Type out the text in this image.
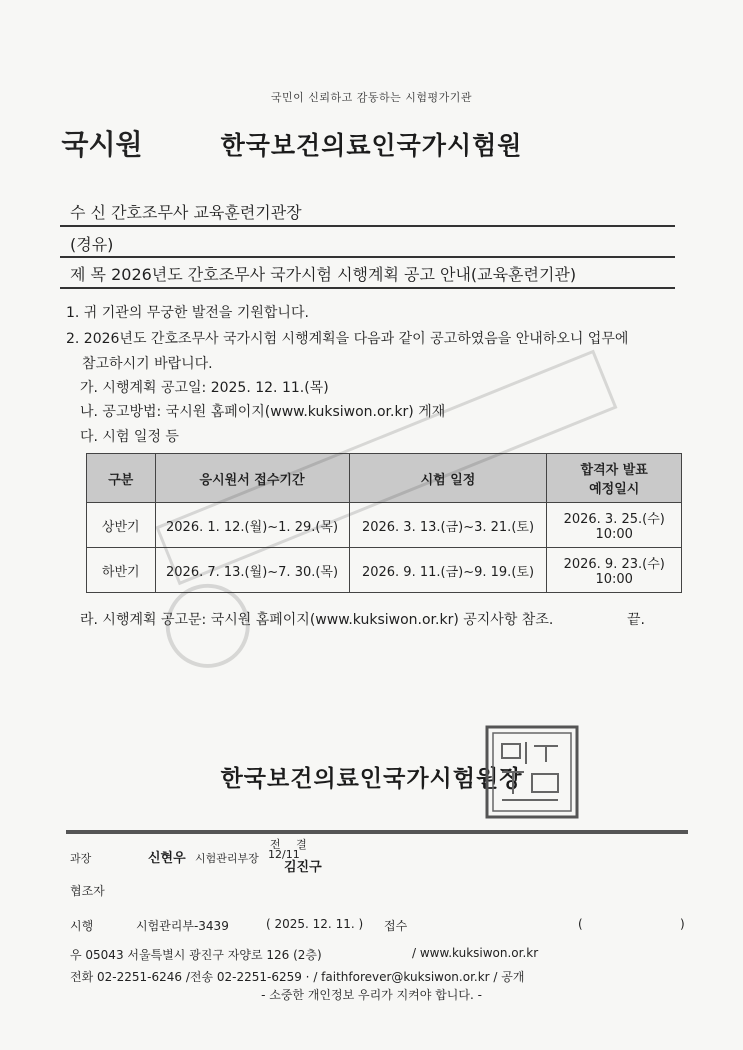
국민이 신뢰하고 감동하는 시험평가기관
국시원	한국보건의료인국가시험원
수 신 간호조무사 교육훈련기관장
(경유)
제 목 2026년도 간호조무사 국가시험 시행계획 공고 안내(교육훈련기관)
1. 귀 기관의 무궁한 발전을 기원합니다.
2. 2026년도 간호조무사 국가시험 시행계획을 다음과 같이 공고하였음을 안내하오니 업무에
참고하시기 바랍니다.
가. 시행계획 공고일: 2025. 12. 11.(목)
나. 공고방법: 국시원 홈페이지(www.kuksiwon.or.kr) 게재
다. 시험 일정 등
구분	응시원서 접수기간	시험 일정	합격자 발표
예정일시

상반기	2026. 1. 12.(월)~1. 29.(목)	2026. 3. 13.(금)~3. 21.(토)	2026. 3. 25.(수)
10:00

하반기	2026. 7. 13.(월)~7. 30.(목)	2026. 9. 11.(금)~9. 19.(토)	2026. 9. 23.(수)
10:00
라. 시행계획 공고문: 국시원 홈페이지(www.kuksiwon.or.kr) 공지사항 참조.	끝.
한국보건의료인국가시험원장
과장	신현우 시험관리부장
전 결
12/11
김진구
협조자
시행	시험관리부-3439	( 2025. 12. 11. ) 접수	(	)
우 05043 서울특별시 광진구 자양로 126 (2층)	/ www.kuksiwon.or.kr
전화 02-2251-6246 /전송 02-2251-6259 · / faithforever@kuksiwon.or.kr / 공개
- 소중한 개인정보 우리가 지켜야 합니다. -
